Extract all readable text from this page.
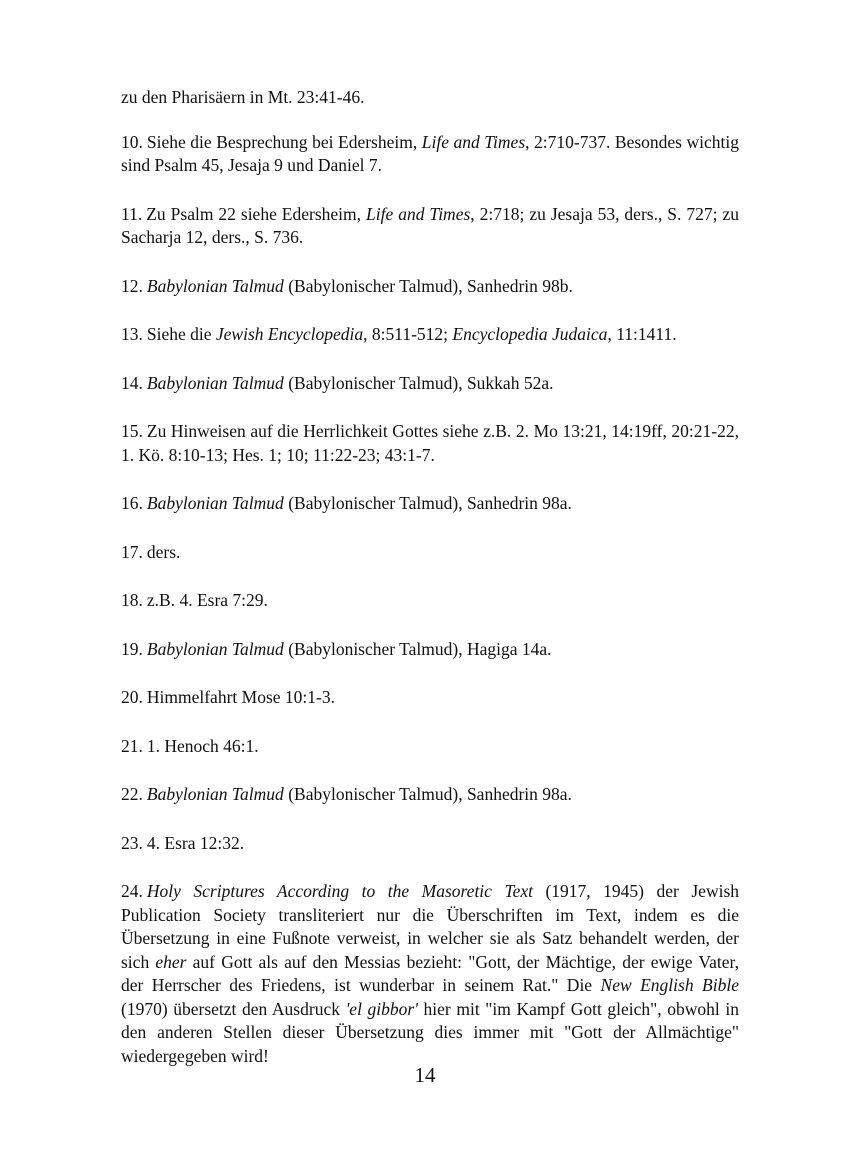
zu den Pharisäern in Mt. 23:41-46.

10. Siehe die Besprechung bei Edersheim, Life and Times, 2:710-737. Besondes wichtig sind Psalm 45, Jesaja 9 und Daniel 7.

11. Zu Psalm 22 siehe Edersheim, Life and Times, 2:718; zu Jesaja 53, ders., S. 727; zu Sacharja 12, ders., S. 736.

12. Babylonian Talmud (Babylonischer Talmud), Sanhedrin 98b.

13. Siehe die Jewish Encyclopedia, 8:511-512; Encyclopedia Judaica, 11:1411.

14. Babylonian Talmud (Babylonischer Talmud), Sukkah 52a.

15. Zu Hinweisen auf die Herrlichkeit Gottes siehe z.B. 2. Mo 13:21, 14:19ff, 20:21-22, 1. Kö. 8:10-13; Hes. 1; 10; 11:22-23; 43:1-7.

16. Babylonian Talmud (Babylonischer Talmud), Sanhedrin 98a.

17. ders.

18. z.B. 4. Esra 7:29.

19. Babylonian Talmud (Babylonischer Talmud), Hagiga 14a.

20. Himmelfahrt Mose 10:1-3.

21. 1. Henoch 46:1.

22. Babylonian Talmud (Babylonischer Talmud), Sanhedrin 98a.

23. 4. Esra 12:32.

24. Holy Scriptures According to the Masoretic Text (1917, 1945) der Jewish Publication Society transliteriert nur die Überschriften im Text, indem es die Übersetzung in eine Fußnote verweist, in welcher sie als Satz behandelt werden, der sich eher auf Gott als auf den Messias bezieht: "Gott, der Mächtige, der ewige Vater, der Herrscher des Friedens, ist wunderbar in seinem Rat." Die New English Bible (1970) übersetzt den Ausdruck 'el gibbor' hier mit "im Kampf Gott gleich", obwohl in den anderen Stellen dieser Übersetzung dies immer mit "Gott der Allmächtige" wiedergegeben wird!

14
